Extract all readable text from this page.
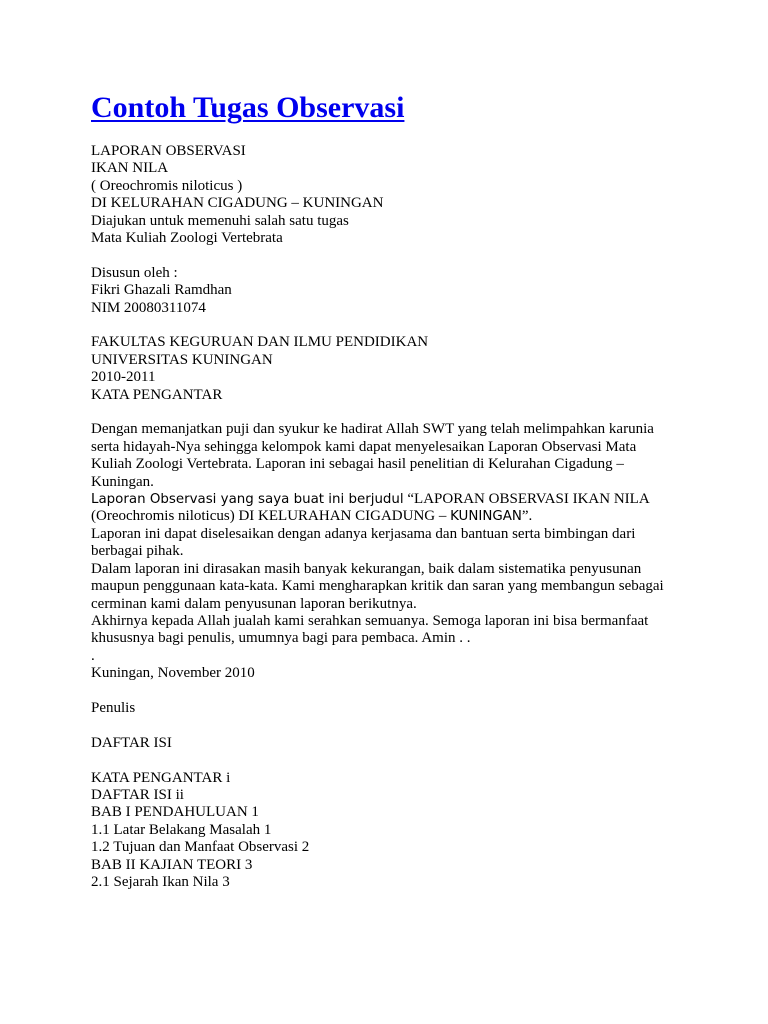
Contoh Tugas Observasi
LAPORAN OBSERVASI
IKAN NILA
( Oreochromis niloticus )
DI KELURAHAN CIGADUNG – KUNINGAN
Diajukan untuk memenuhi salah satu tugas
Mata Kuliah Zoologi Vertebrata
Disusun oleh :
Fikri Ghazali Ramdhan
NIM 20080311074
FAKULTAS KEGURUAN DAN ILMU PENDIDIKAN
UNIVERSITAS KUNINGAN
2010-2011
KATA PENGANTAR
Dengan memanjatkan puji dan syukur ke hadirat Allah SWT yang telah melimpahkan karunia
serta hidayah-Nya sehingga kelompok kami dapat menyelesaikan Laporan Observasi Mata
Kuliah Zoologi Vertebrata. Laporan ini sebagai hasil penelitian di Kelurahan Cigadung –
Kuningan.
Laporan Observasi yang saya buat ini berjudul “LAPORAN OBSERVASI IKAN NILA
(Oreochromis niloticus) DI KELURAHAN CIGADUNG – KUNINGAN”.
Laporan ini dapat diselesaikan dengan adanya kerjasama dan bantuan serta bimbingan dari
berbagai pihak.
Dalam laporan ini dirasakan masih banyak kekurangan, baik dalam sistematika penyusunan
maupun penggunaan kata-kata. Kami mengharapkan kritik dan saran yang membangun sebagai
cerminan kami dalam penyusunan laporan berikutnya.
Akhirnya kepada Allah jualah kami serahkan semuanya. Semoga laporan ini bisa bermanfaat
khususnya bagi penulis, umumnya bagi para pembaca. Amin . .
.
Kuningan, November 2010
Penulis
DAFTAR ISI
KATA PENGANTAR i
DAFTAR ISI ii
BAB I PENDAHULUAN 1
1.1 Latar Belakang Masalah 1
1.2 Tujuan dan Manfaat Observasi 2
BAB II KAJIAN TEORI 3
2.1 Sejarah Ikan Nila 3
